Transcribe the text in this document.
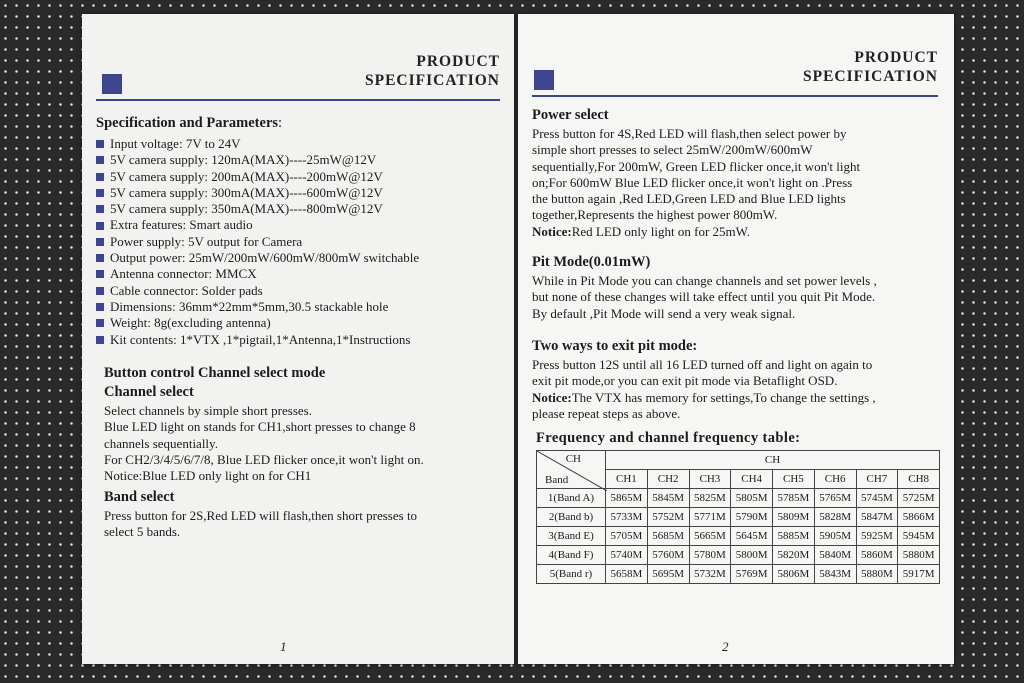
PRODUCT
SPECIFICATION
Specification and Parameters:
Input voltage: 7V to 24V
5V camera supply: 120mA(MAX)----25mW@12V
5V camera supply: 200mA(MAX)----200mW@12V
5V camera supply: 300mA(MAX)----600mW@12V
5V camera supply: 350mA(MAX)----800mW@12V
Extra features: Smart audio
Power supply: 5V output for Camera
Output power: 25mW/200mW/600mW/800mW switchable
Antenna connector: MMCX
Cable connector: Solder pads
Dimensions: 36mm*22mm*5mm,30.5 stackable hole
Weight: 8g(excluding antenna)
Kit contents: 1*VTX ,1*pigtail,1*Antenna,1*Instructions
Button control Channel select mode
Channel select

Select channels by simple short presses.
Blue LED light on stands for CH1,short presses to change 8
channels sequentially.
For CH2/3/4/5/6/7/8, Blue LED flicker once,it won't light on.
Notice:Blue LED only light on for CH1

Band select

Press button for 2S,Red LED will flash,then short presses to
select 5 bands.

1
PRODUCT
SPECIFICATION
Power select

Press button for 4S,Red LED will flash,then select power by
simple short presses to select 25mW/200mW/600mW
sequentially,For 200mW, Green LED flicker once,it won't light
on;For 600mW Blue LED flicker once,it won't light on .Press
the button again ,Red LED,Green LED and Blue LED lights
together,Represents the highest power 800mW.

Notice:Red LED only light on for 25mW.

Pit Mode(0.01mW)

While in Pit Mode you can change channels and set power levels ,
but none of these changes will take effect until you quit Pit Mode.
By default ,Pit Mode will send a very weak signal.

Two ways to exit pit mode:

Press button 12S until all 16 LED turned off and light on again to
exit pit mode,or you can exit pit mode via Betaflight OSD.

Notice:The VTX has memory for settings,To change the settings ,
please repeat steps as above.

Frequency and channel frequency table:
CH
Band	CH							
	CH1	CH2	CH3	CH4	CH5	CH6	CH7	CH8
1(Band A)	5865M	5845M	5825M	5805M	5785M	5765M	5745M	5725M
2(Band b)	5733M	5752M	5771M	5790M	5809M	5828M	5847M	5866M
3(Band E)	5705M	5685M	5665M	5645M	5885M	5905M	5925M	5945M
4(Band F)	5740M	5760M	5780M	5800M	5820M	5840M	5860M	5880M
5(Band r)	5658M	5695M	5732M	5769M	5806M	5843M	5880M	5917M
2
